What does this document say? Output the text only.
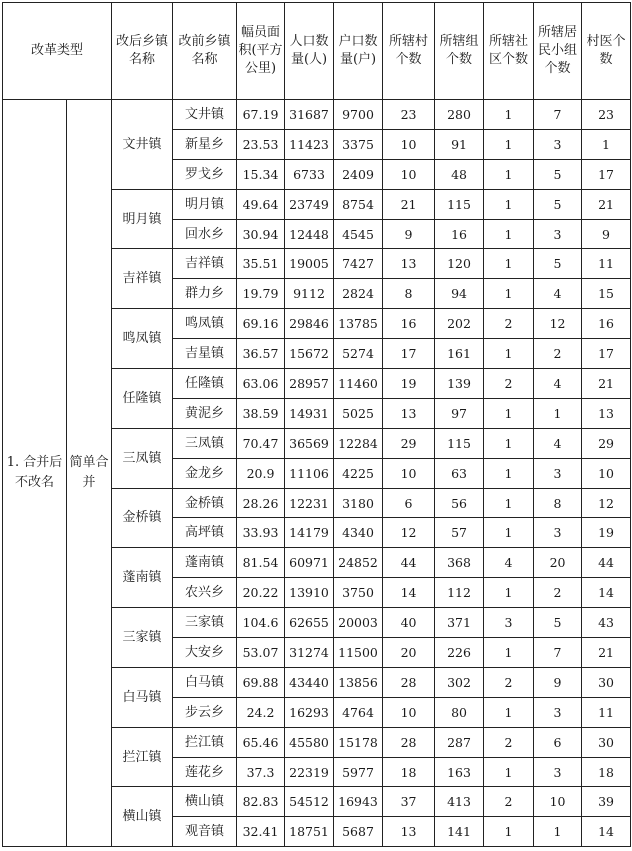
改革类型		改后乡镇名称	改前乡镇名称	幅员面积(平方公里)	人口数量(人)	户口数量(户)	所辖村个数	所辖组个数	所辖社区个数	所辖居民小组个数	村医个数
1. 合并后不改名	简单合并	文井镇	文井镇	67.19	31687	9700	23	280	1	7	23
			新星乡	23.53	11423	3375	10	91	1	3	1
			罗戈乡	15.34	6733	2409	10	48	1	5	17
		明月镇	明月镇	49.64	23749	8754	21	115	1	5	21
			回水乡	30.94	12448	4545	9	16	1	3	9
		吉祥镇	吉祥镇	35.51	19005	7427	13	120	1	5	11
			群力乡	19.79	9112	2824	8	94	1	4	15
		鸣凤镇	鸣凤镇	69.16	29846	13785	16	202	2	12	16
			吉星镇	36.57	15672	5274	17	161	1	2	17
		任隆镇	任隆镇	63.06	28957	11460	19	139	2	4	21
			黄泥乡	38.59	14931	5025	13	97	1	1	13
		三凤镇	三凤镇	70.47	36569	12284	29	115	1	4	29
			金龙乡	20.9	11106	4225	10	63	1	3	10
		金桥镇	金桥镇	28.26	12231	3180	6	56	1	8	12
			高坪镇	33.93	14179	4340	12	57	1	3	19
		蓬南镇	蓬南镇	81.54	60971	24852	44	368	4	20	44
			农兴乡	20.22	13910	3750	14	112	1	2	14
		三家镇	三家镇	104.6	62655	20003	40	371	3	5	43
			大安乡	53.07	31274	11500	20	226	1	7	21
		白马镇	白马镇	69.88	43440	13856	28	302	2	9	30
			步云乡	24.2	16293	4764	10	80	1	3	11
		拦江镇	拦江镇	65.46	45580	15178	28	287	2	6	30
			莲花乡	37.3	22319	5977	18	163	1	3	18
		横山镇	横山镇	82.83	54512	16943	37	413	2	10	39
			观音镇	32.41	18751	5687	13	141	1	1	14
